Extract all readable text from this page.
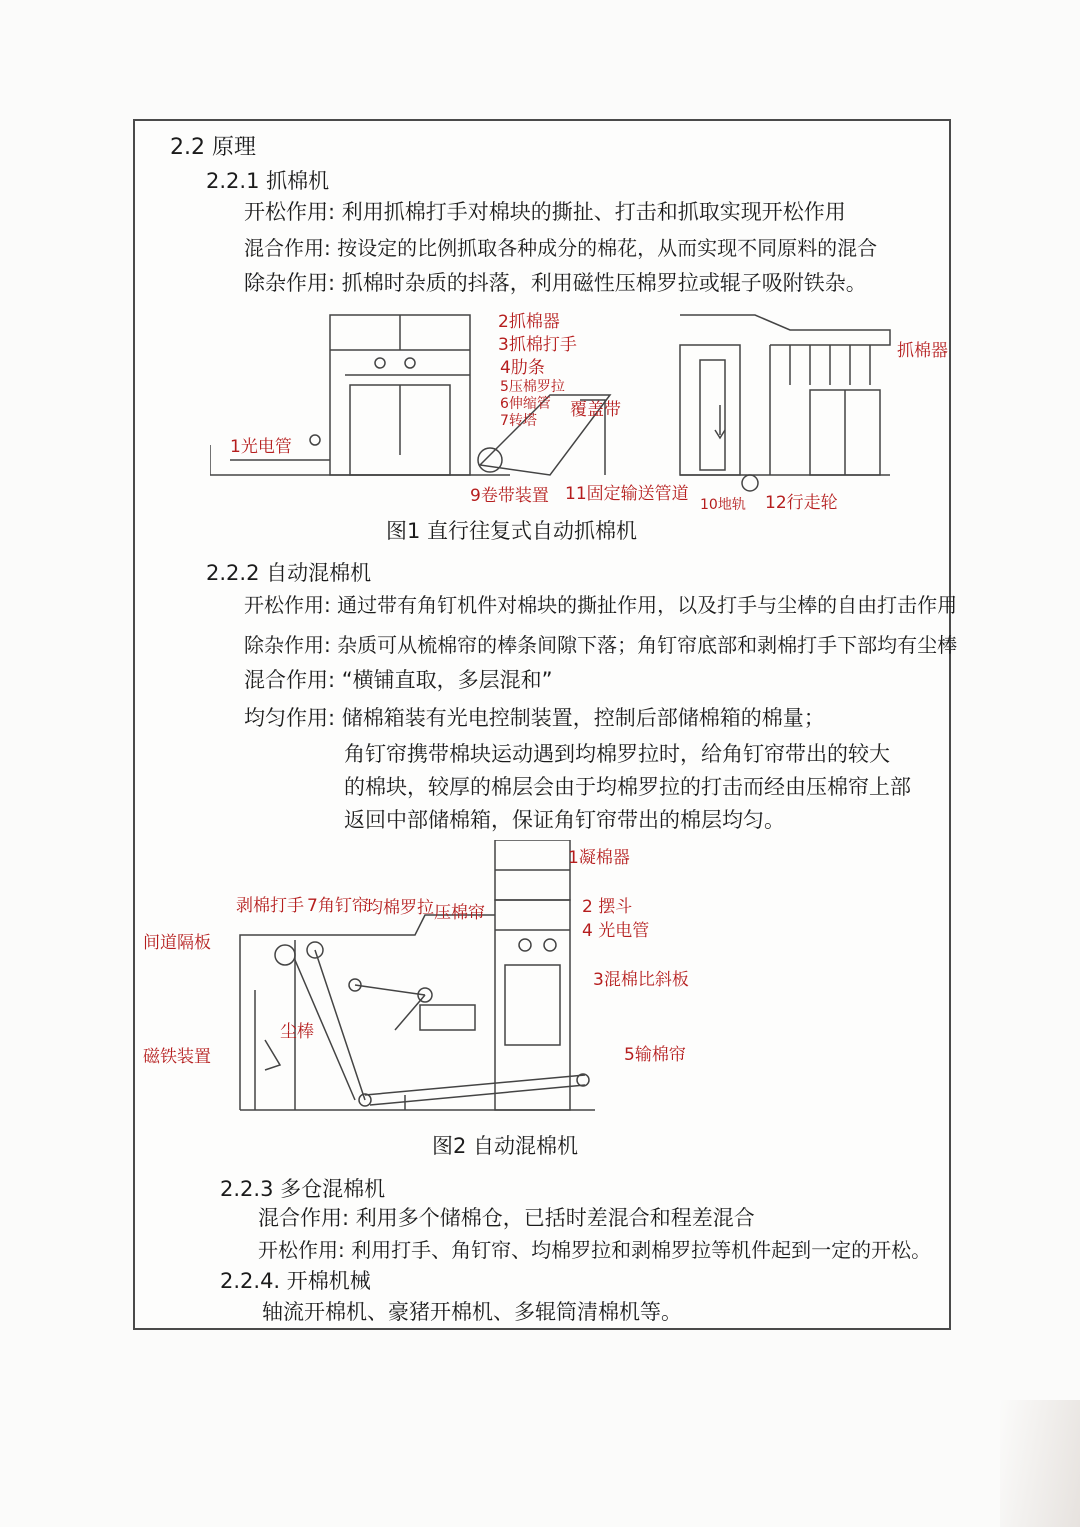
2.2 原理
2.2.1 抓棉机
开松作用: 利用抓棉打手对棉块的撕扯、打击和抓取实现开松作用
混合作用: 按设定的比例抓取各种成分的棉花，从而实现不同原料的混合
除杂作用: 抓棉时杂质的抖落，利用磁性压棉罗拉或辊子吸附铁杂。
1光电管
2抓棉器
3抓棉打手
4肋条
5压棉罗拉
6伸缩管
7转塔
覆盖带
9卷带装置 11固定输送管道
抓棉器
10地轨 12行走轮
图1 直行往复式自动抓棉机
2.2.2 自动混棉机
开松作用: 通过带有角钉机件对棉块的撕扯作用，以及打手与尘棒的自由打击作用
除杂作用: 杂质可从梳棉帘的棒条间隙下落；角钉帘底部和剥棉打手下部均有尘棒
混合作用: “横铺直取，多层混和”
均匀作用: 储棉箱装有光电控制装置，控制后部储棉箱的棉量；
角钉帘携带棉块运动遇到均棉罗拉时，给角钉帘带出的较大
的棉块，较厚的棉层会由于均棉罗拉的打击而经由压棉帘上部
返回中部储棉箱，保证角钉帘带出的棉层均匀。
1凝棉器
剥棉打手 7角钉帘
均棉罗拉 压棉帘	2 摆斗
4 光电管
间道隔板
3混棉比斜板
尘棒
磁铁装置	5输棉帘
图2 自动混棉机
2.2.3 多仓混棉机
混合作用: 利用多个储棉仓，已括时差混合和程差混合
开松作用: 利用打手、角钉帘、均棉罗拉和剥棉罗拉等机件起到一定的开松。
2.2.4. 开棉机械
轴流开棉机、豪猪开棉机、多辊筒清棉机等。
